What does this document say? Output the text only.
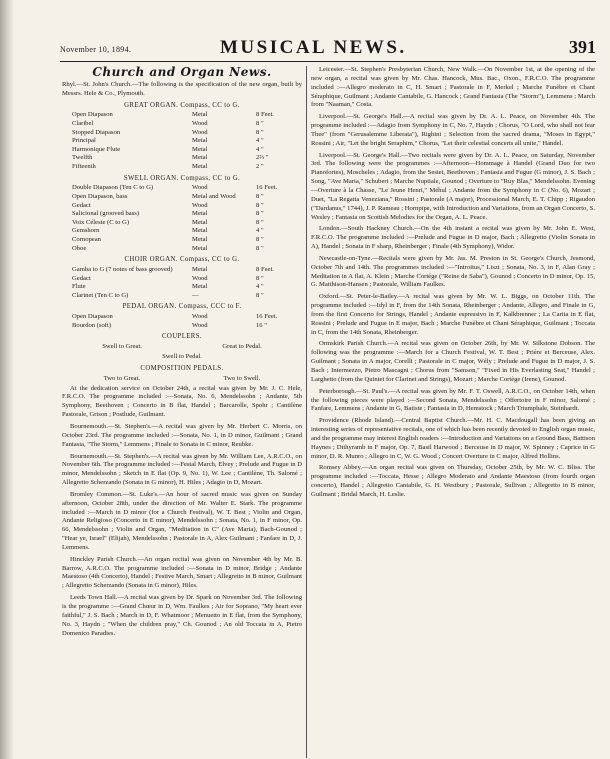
November 10, 1894.	MUSICAL NEWS.	391
Church and Organ News.

Rhyl.—St. John's Church.—The following is the specification of the new organ, built by Messrs. Hele & Co., Plymouth.

GREAT ORGAN. Compass, CC to G.
Open Diapason	Metal	8 Feet.
Claribel	Wood	8 "
Stopped Diapason	Wood	8 "
Principal	Metal	4 "
Harmonique Flute	Metal	4 "
Twelfth	Metal	2⅔ "
Fifteenth	Metal	2 "
SWELL ORGAN. Compass, CC to G.
Double Diapason (Ten C to G)	Wood	16 Feet.
Open Diapason, bass	Metal and Wood	8 "
Gedact	Wood	8 "
Salicional (grooved bass)	Metal	8 "
Voix Céleste (C to G)	Metal	8 "
Gemshorn	Metal	4 "
Cornopean	Metal	8 "
Oboe	Metal	8 "
CHOIR ORGAN. Compass, CC to G.
Gamba to G (7 notes of bass grooved)	Metal	8 Feet.
Gedact	Wood	8 "
Flute	Metal	4 "
Clarinet (Ten C to G)	—	8 "
PEDAL ORGAN. Compass, CCC to F.
Open Diapason	Wood	16 Feet.
Bourdon (soft)	Wood	16 "
COUPLERS.
Swell to Great.	Great to Pedal.
Swell to Pedal.
COMPOSITION PEDALS.
Two to Great.	Two to Swell.

At the dedication service on October 24th, a recital was given by Mr. J. C. Hele, F.R.C.O. The programme included :—Sonata, No. 6, Mendelssohn ; Andante, 5th Symphony, Beethoven ; Concerto in B flat, Handel ; Barcarolle, Spohr ; Cantilène Pastorale, Grison ; Postlude, Guilmant.

Bournemouth.—St. Stephen's.—A recital was given by Mr. Herbert C. Morris, on October 23rd. The programme included :—Sonata, No. 1, in D minor, Guilmant ; Grand Fantasia, "The Storm," Lemmens ; Finale to Sonata in C minor, Reubke.

Bournemouth.—St. Stephen's.—A recital was given by Mr. William Lee, A.R.C.O., on November 6th. The programme included :—Festal March, Elvey ; Prelude and Fugue in D minor, Mendelssohn ; Sketch in E flat (Op. 9, No. 1), W. Lee ; Cantilène, Th. Salomé ; Allegretto Scherzando (Sonata in G minor), H. Hiles ; Adagio in D, Mozart.

Bromley Common.—St. Luke's.—An hour of sacred music was given on Sunday afternoon, October 28th, under the direction of Mr. Walter E. Stark. The programme included :—March in D minor (for a Church Festival), W. T. Best ; Violin and Organ, Andante Religioso (Concerto in E minor), Mendelssohn ; Sonata, No. 1, in F minor, Op. 66, Mendelssohn ; Violin and Organ, "Meditation in C" (Ave Maria), Bach-Gounod ; "Hear ye, Israel" (Elijah), Mendelssohn ; Pastorale in A, Alex Guilmant ; Fanfare in D, J. Lemmens.

Hinckley Parish Church.—An organ recital was given on November 4th by Mr. B. Barrow, A.R.C.O. The programme included :—Sonata in D minor, Bridge ; Andante Maestoso (4th Concerto), Handel ; Festive March, Smart ; Allegretto in B minor, Guilmant ; Allegretto Scherzando (Sonata in G minor), Hiles.

Leeds Town Hall.—A recital was given by Dr. Spark on November 3rd. The following is the programme :—Grand Chœur in D, Wm. Faulkes ; Air for Soprano, "My heart ever faithful," J. S. Bach ; March in D, F. Whatmoor ; Menuetto in E flat, from the Symphony, No. 3, Haydn ; "When the children pray," Ch. Gounod ; An old Toccata in A, Pietro Domenico Paradies.

Leicester.—St. Stephen's Presbyterian Church, New Walk.—On November 1st, at the opening of the new organ, a recital was given by Mr. Chas. Hancock, Mus. Bac., Oxon., F.R.C.O. The programme included :—Allegro moderato in C, H. Smart ; Pastorale in F, Merkel ; Marche Funèbre et Chant Séraphique, Guilmant ; Andante Cantabile, G. Hancock ; Grand Fantasia (The "Storm"), Lemmens ; March from "Naaman," Costa.

Liverpool.—St. George's Hall.—A recital was given by Dr. A. L. Peace, on November 4th. The programme included :—Adagio from Symphony in C, No. 7, Haydn ; Chorus, "O Lord, who shall not fear Thee" (from "Gerusalemme Liberata"), Righini ; Selection from the sacred drama, "Moses in Egypt," Rossini ; Air, "Let the bright Seraphim," Chorus, "Let their celestial concerts all unite," Handel.

Liverpool.—St. George's Hall.—Two recitals were given by Dr. A. L. Peace, on Saturday, November 3rd. The following were the programmes :—Afternoon—Hommage à Handel (Grand Duo for two Pianofortes), Moscheles ; Adagio, from the Sestet, Beethoven ; Fantasia and Fugue (G minor), J. S. Bach ; Song, "Ave Maria," Schubert ; Marche Nuptiale, Gounod ; Overture to "Ruy Blas," Mendelssohn. Evening—Overture à la Chasse, "Le Jeune Henri," Méhul ; Andante from the Symphony in C (No. 6), Mozart ; Duet, "La Regatta Veneziana," Rossini ; Pastorale (A major), Processional March, E. T. Chipp ; Rigaudon ("Dardanus," 1744), J. P. Rameau ; Hornpipe, with Introduction and Variations, from an Organ Concerto, S. Wesley ; Fantasia on Scottish Melodies for the Organ, A. L. Peace.

London.—South Hackney Church.—On the 4th instant a recital was given by Mr. John E. West, F.R.C.O. The programme included :—Prelude and Fugue in D major, Bach ; Allegretto (Violin Sonata in A), Handel ; Sonata in F sharp, Rheinberger ; Finale (4th Symphony), Widor.

Newcastle-on-Tyne.—Recitals were given by Mr. Jas. M. Preston in St. George's Church, Jesmond, October 7th and 14th. The programmes included :—"Introitus," Liszt ; Sonata, No. 3, in F, Alan Gray ; Meditation in A flat, A. Klein ; Marche Cortége ("Reine de Saba"), Gounod ; Concerto in D minor, Op. 15, G. Matthison-Hansen ; Pastorale, William Faulkes.

Oxford.—St. Peter-le-Bailey.—A recital was given by Mr. W. L. Biggs, on October 11th. The programme included :—Idyl in F, from the 14th Sonata, Rheinberger ; Andante, Allegro, and Finale in G, from the first Concerto for Strings, Handel ; Andante espressivo in F, Kalkbrenner ; La Carita in E flat, Rossini ; Prelude and Fugue in E major, Bach ; Marche Funèbre et Chant Séraphique, Guilmant ; Toccata in C, from the 14th Sonata, Rheinberger.

Ormskirk Parish Church.—A recital was given on October 26th, by Mr. W. Silkstone Dobson. The following was the programme :—March for a Church Festival, W. T. Best ; Prière et Berceuse, Alex. Guilmant ; Sonata in A major, Corelli ; Pastorale in C major, Wély ; Prelude and Fugue in D major, J. S. Bach ; Intermezzo, Pietro Mascagni ; Chorus from "Samson," "Fixed in His Everlasting Seat," Handel ; Larghetto (from the Quintet for Clarinet and Strings), Mozart ; Marche Cortège (Irene), Gounod.

Peterborough.—St. Paul's.—A recital was given by Mr. F. T. Oswell, A.R.C.O., on October 14th, when the following pieces were played :—Second Sonata, Mendelssohn ; Offertoire in F minor, Salomé ; Fanfare, Lemmens ; Andante in G, Batiste ; Fantasia in D, Hemstock ; March Triumphale, Steinhardt.

Providence (Rhode Island).—Central Baptist Church.—Mr. H. C. Macdougall has been giving an interesting series of representative recitals, one of which has been recently devoted to English organ music, and the programme may interest English readers :—Introduction and Variations on a Ground Bass, Battison Haynes ; Dithyramb in F major, Op. 7, Basil Harwood ; Berceuse in D major, W. Spinney ; Caprice in G minor, D. R. Munro ; Allegro in C, W. G. Wood ; Concert Overture in C major, Alfred Hollins.

Romsey Abbey.—An organ recital was given on Thursday, October 25th, by Mr. W. C. Bliss. The programme included :—Toccata, Hesse ; Allegro Moderato and Andante Maestoso (from fourth organ concerto), Handel ; Allegretto Cantabile, G. H. Westbury ; Pastorale, Sullivan ; Allegretto in B minor, Guilmant ; Bridal March, H. Leslie.
